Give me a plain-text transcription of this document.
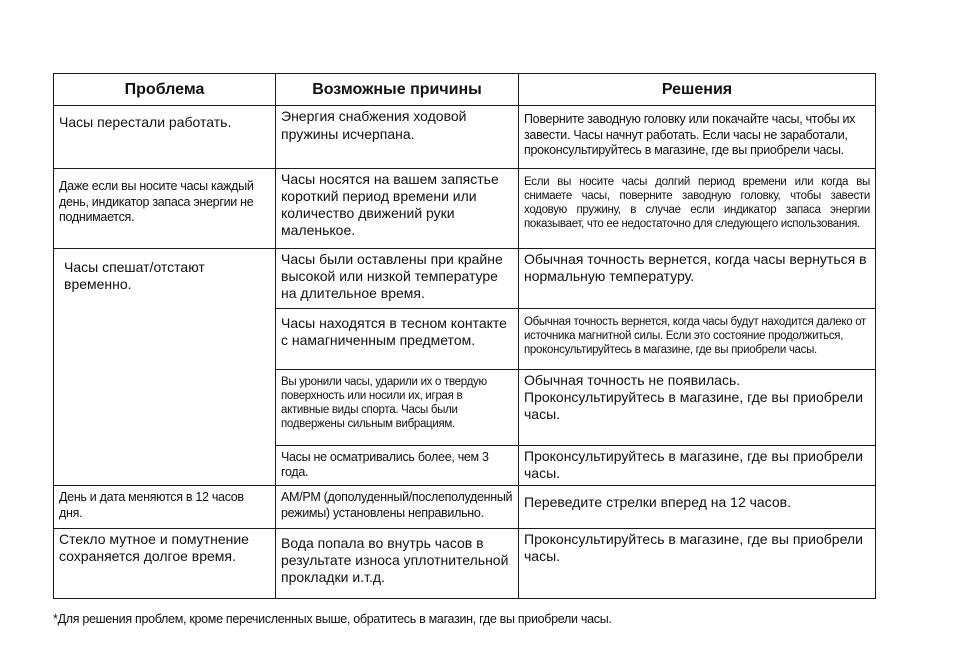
Проблема	Возможные причины	Решения
Часы перестали работать.	Энергия снабжения ходовой пружины исчерпана.	Поверните заводную головку или покачайте часы, чтобы их завести. Часы начнут работать. Если часы не заработали, проконсультируйтесь в магазине, где вы приобрели часы.
Даже если вы носите часы каждый день, индикатор запаса энергии не поднимается.	Часы носятся на вашем запястье короткий период времени или количество движений руки маленькое.	Если вы носите часы долгий период времени или когда вы снимаете часы, поверните заводную головку, чтобы завести ходовую пружину, в случае если индикатор запаса энергии показывает, что ее недостаточно для следующего использования.
Часы спешат/отстают временно.	Часы были оставлены при крайне высокой или низкой температуре на длительное время.	Обычная точность вернется, когда часы вернуться в нормальную температуру.
	Часы находятся в тесном контакте с намагниченным предметом.	Обычная точность вернется, когда часы будут находится далеко от источника магнитной силы. Если это состояние продолжиться, проконсультируйтесь в магазине, где вы приобрели часы.
	Вы уронили часы, ударили их о твердую поверхность или носили их, играя в активные виды спорта. Часы были подвержены сильным вибрациям.	Обычная точность не появилась. Проконсультируйтесь в магазине, где вы приобрели часы.
	Часы не осматривались более, чем 3 года.	Проконсультируйтесь в магазине, где вы приобрели часы.
День и дата меняются в 12 часов дня.	AM/PM (дополуденный/послеполуденный режимы) установлены неправильно.	Переведите стрелки вперед на 12 часов.
Стекло мутное и помутнение сохраняется долгое время.	Вода попала во внутрь часов в результате износа уплотнительной прокладки и.т.д.	Проконсультируйтесь в магазине, где вы приобрели часы.
*Для решения проблем, кроме перечисленных выше, обратитесь в магазин, где вы приобрели часы.
